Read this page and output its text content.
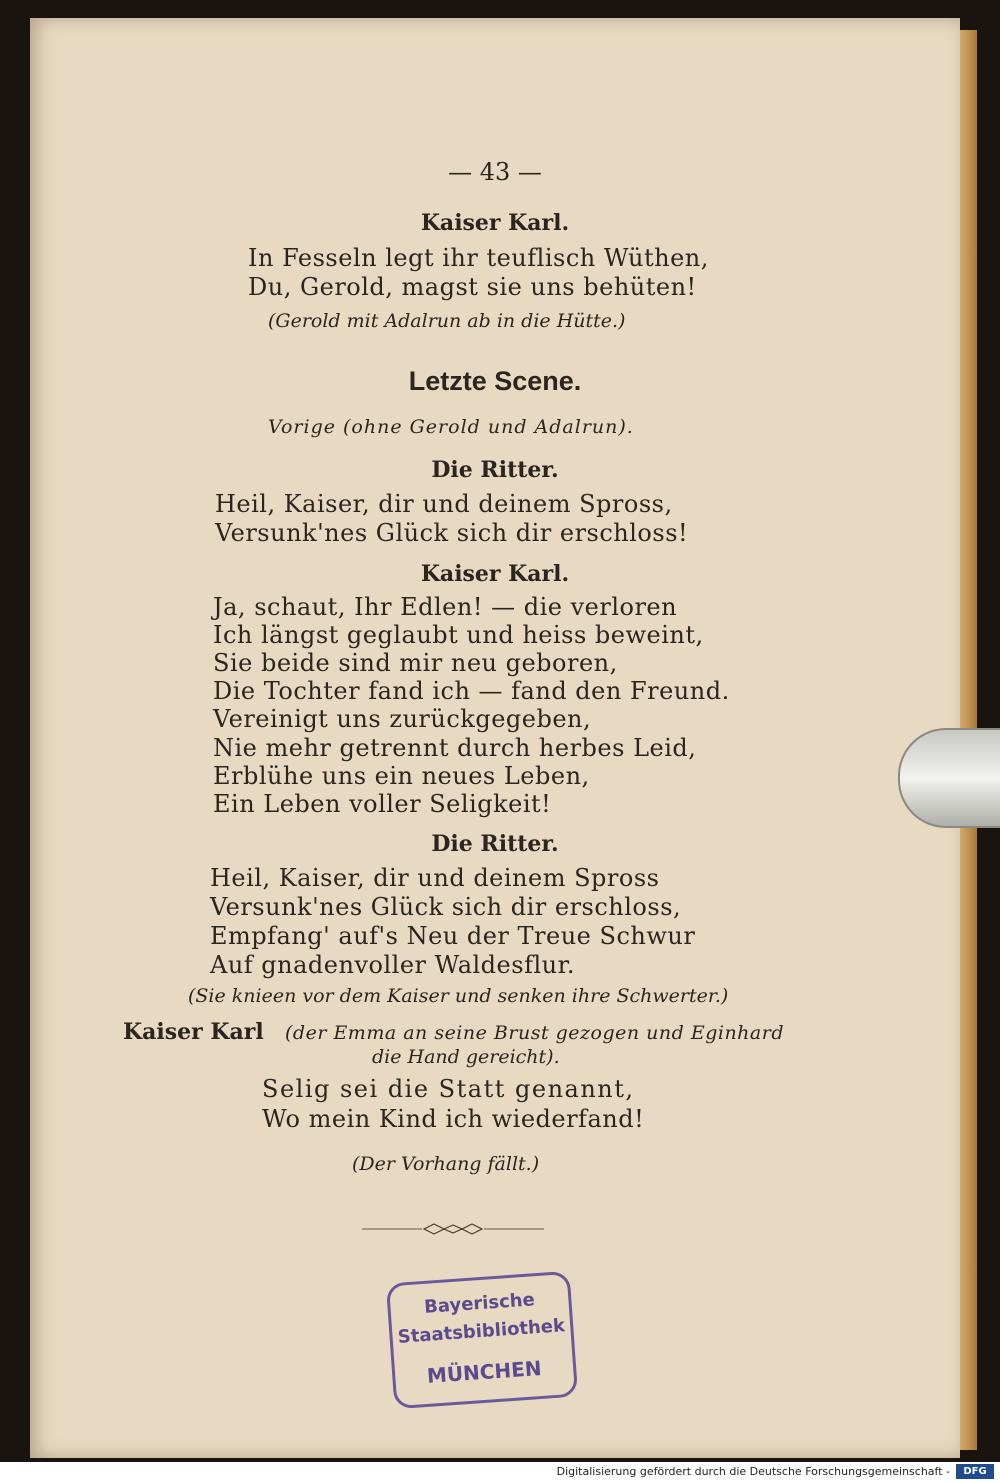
— 43 —
Kaiser Karl.
In Fesseln legt ihr teuflisch Wüthen,
Du, Gerold, magst sie uns behüten!
(Gerold mit Adalrun ab in die Hütte.)
Letzte Scene.
Vorige (ohne Gerold und Adalrun).
Die Ritter.
Heil, Kaiser, dir und deinem Spross,
Versunk'nes Glück sich dir erschloss!
Kaiser Karl.
Ja, schaut, Ihr Edlen! — die verloren
Ich längst geglaubt und heiss beweint,
Sie beide sind mir neu geboren,
Die Tochter fand ich — fand den Freund.
Vereinigt uns zurückgegeben,
Nie mehr getrennt durch herbes Leid,
Erblühe uns ein neues Leben,
Ein Leben voller Seligkeit!
Die Ritter.
Heil, Kaiser, dir und deinem Spross
Versunk'nes Glück sich dir erschloss,
Empfang' auf's Neu der Treue Schwur
Auf gnadenvoller Waldesflur.
(Sie knieen vor dem Kaiser und senken ihre Schwerter.)
Kaiser Karl (der Emma an seine Brust gezogen und Eginhard
die Hand gereicht).
Selig sei die Statt genannt,
Wo mein Kind ich wiederfand!
(Der Vorhang fällt.)
Bayerische
Staatsbibliothek
MÜNCHEN
Digitalisierung gefördert durch die Deutsche Forschungsgemeinschaft -	DFG
